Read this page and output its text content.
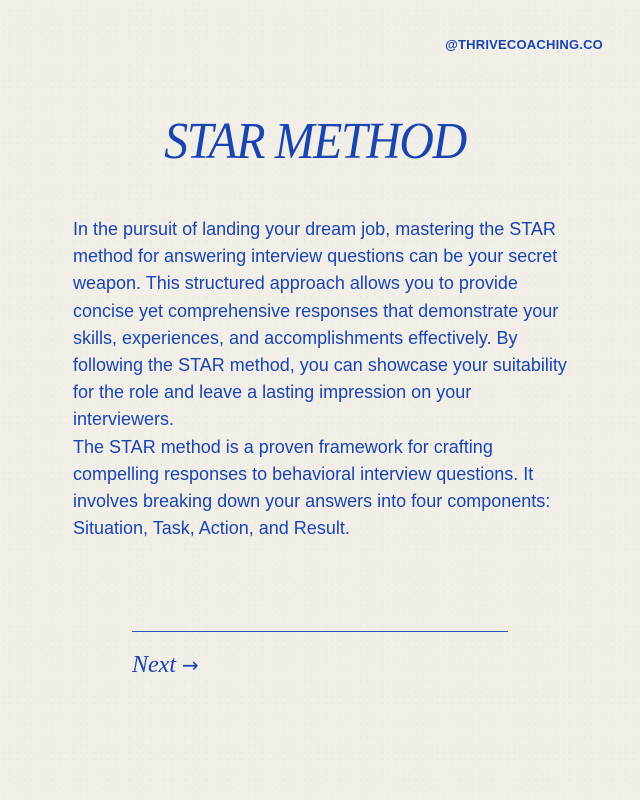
@THRIVECOACHING.CO
STAR METHOD

In the pursuit of landing your dream job, mastering the STAR method for answering interview questions can be your secret weapon. This structured approach allows you to provide concise yet comprehensive responses that demonstrate your skills, experiences, and accomplishments effectively. By following the STAR method, you can showcase your suitability for the role and leave a lasting impression on your interviewers.

The STAR method is a proven framework for crafting compelling responses to behavioral interview questions. It involves breaking down your answers into four components: Situation, Task, Action, and Result.

Next →
